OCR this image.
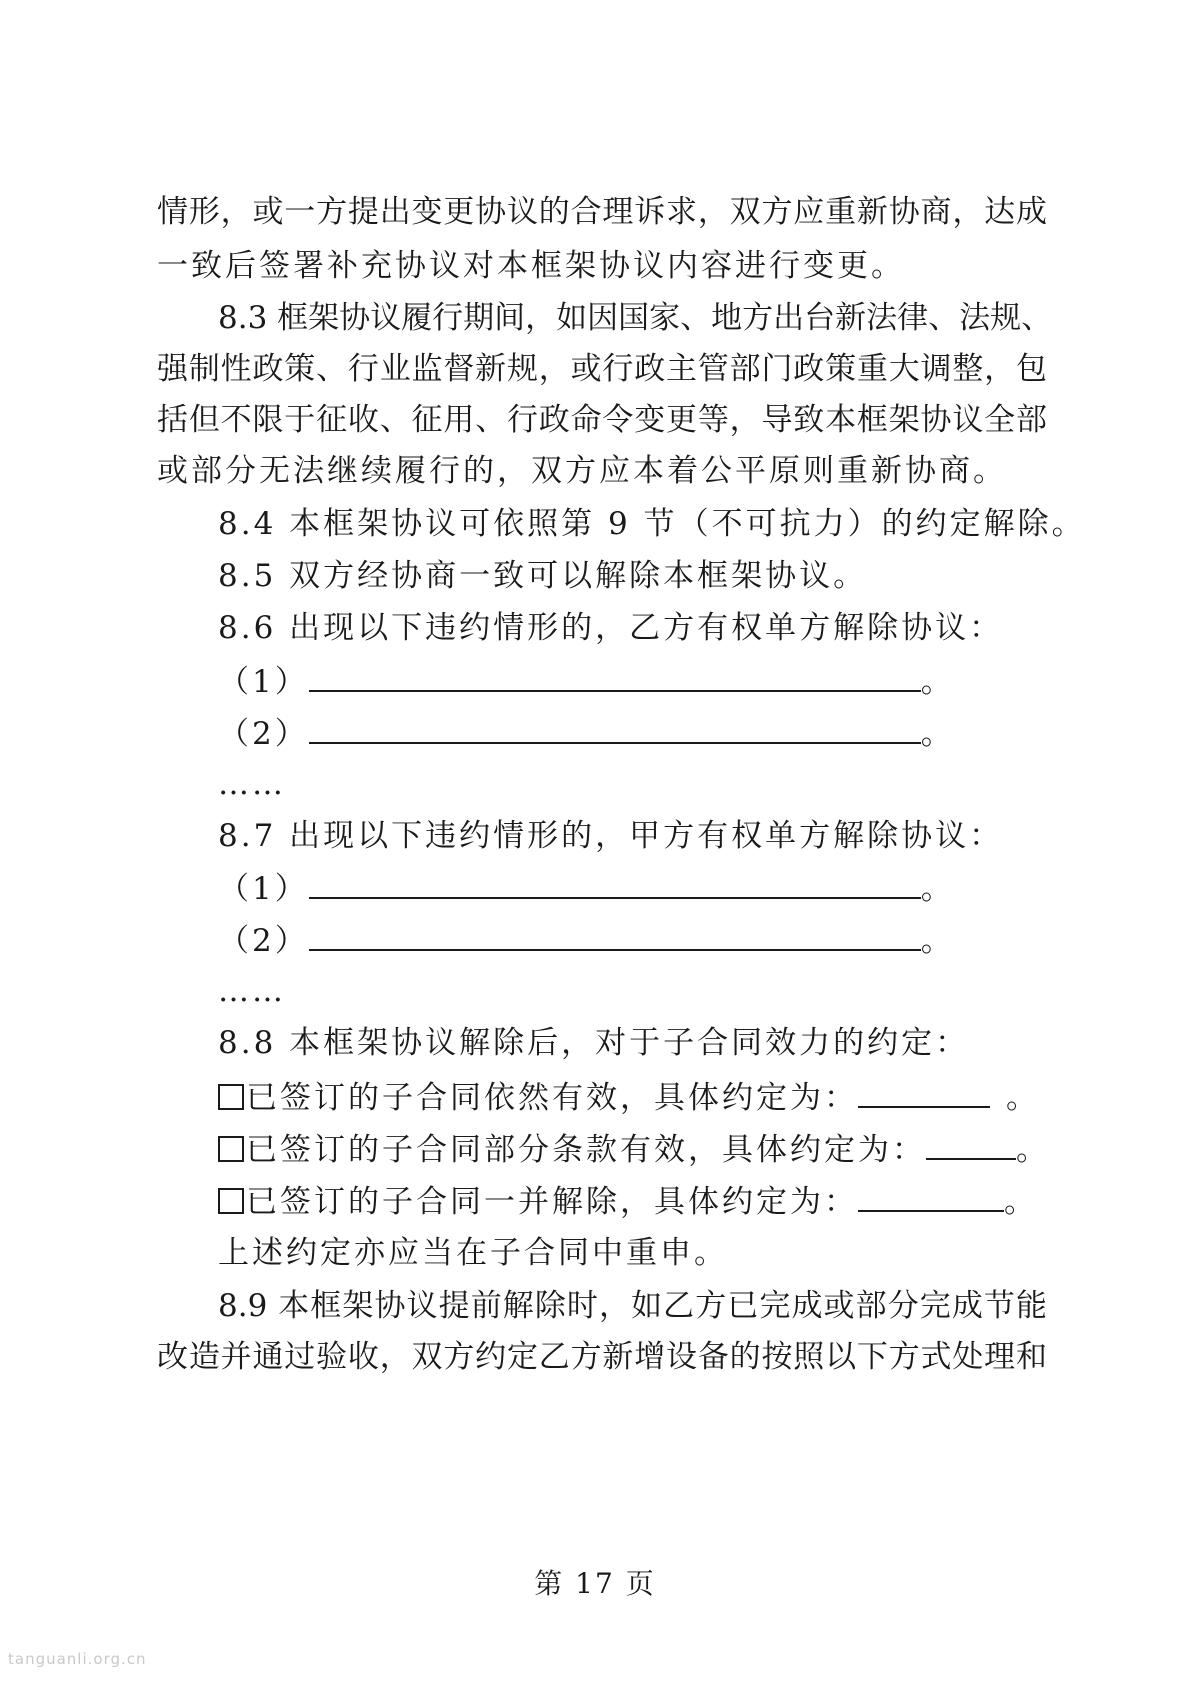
情形，或一方提出变更协议的合理诉求，双方应重新协商，达成
一致后签署补充协议对本框架协议内容进行变更。
8.3 框架协议履行期间，如因国家、地方出台新法律、法规、
强制性政策、行业监督新规，或行政主管部门政策重大调整，包
括但不限于征收、征用、行政命令变更等，导致本框架协议全部
或部分无法继续履行的，双方应本着公平原则重新协商。
8.4 本框架协议可依照第 9 节（不可抗力）的约定解除。
8.5 双方经协商一致可以解除本框架协议。
8.6 出现以下违约情形的，乙方有权单方解除协议：
（1）	。
（2）	。
……
8.7 出现以下违约情形的，甲方有权单方解除协议：
（1）	。
（2）	。
……
8.8 本框架协议解除后，对于子合同效力的约定：
已签订的子合同依然有效，具体约定为：	。
已签订的子合同部分条款有效，具体约定为：	。
已签订的子合同一并解除，具体约定为：	。
上述约定亦应当在子合同中重申。
8.9 本框架协议提前解除时，如乙方已完成或部分完成节能
改造并通过验收，双方约定乙方新增设备的按照以下方式处理和
第 17 页
tanguanli.org.cn
